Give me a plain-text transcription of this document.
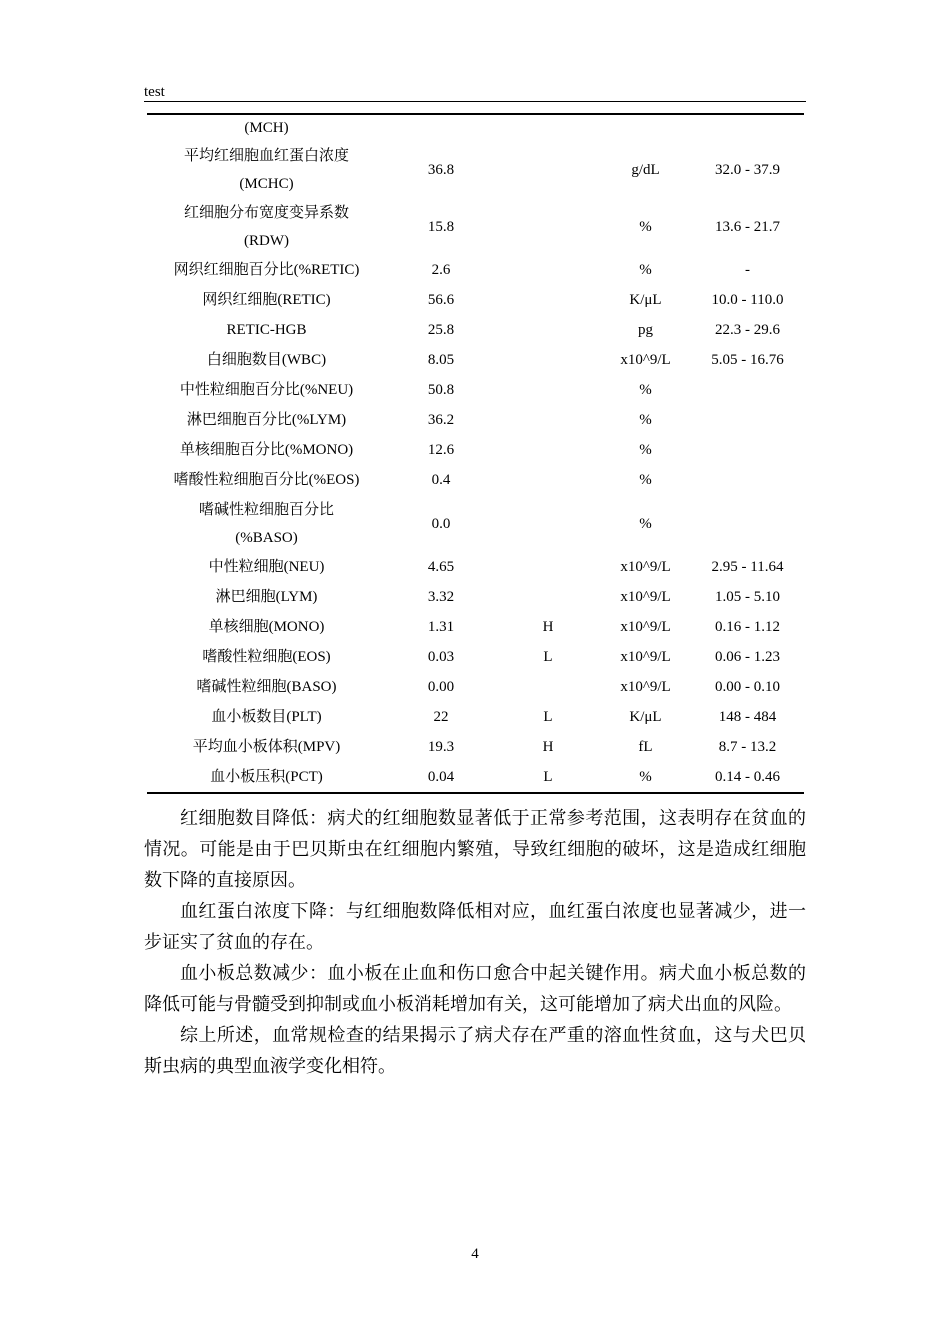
test
(MCH)				
平均红细胞血红蛋白浓度
(MCHC)	36.8		g/dL	32.0 - 37.9
红细胞分布宽度变异系数
(RDW)	15.8		%	13.6 - 21.7
网织红细胞百分比(%RETIC)	2.6		%	-
网织红细胞(RETIC)	56.6		K/μL	10.0 - 110.0
RETIC-HGB	25.8		pg	22.3 - 29.6
白细胞数目(WBC)	8.05		x10^9/L	5.05 - 16.76
中性粒细胞百分比(%NEU)	50.8		%	
淋巴细胞百分比(%LYM)	36.2		%	
单核细胞百分比(%MONO)	12.6		%	
嗜酸性粒细胞百分比(%EOS)	0.4		%	
嗜碱性粒细胞百分比
(%BASO)	0.0		%	
中性粒细胞(NEU)	4.65		x10^9/L	2.95 - 11.64
淋巴细胞(LYM)	3.32		x10^9/L	1.05 - 5.10
单核细胞(MONO)	1.31	H	x10^9/L	0.16 - 1.12
嗜酸性粒细胞(EOS)	0.03	L	x10^9/L	0.06 - 1.23
嗜碱性粒细胞(BASO)	0.00		x10^9/L	0.00 - 0.10
血小板数目(PLT)	22	L	K/μL	148 - 484
平均血小板体积(MPV)	19.3	H	fL	8.7 - 13.2
血小板压积(PCT)	0.04	L	%	0.14 - 0.46

红细胞数目降低：病犬的红细胞数显著低于正常参考范围，这表明存在贫血的情况。可能是由于巴贝斯虫在红细胞内繁殖，导致红细胞的破坏，这是造成红细胞数下降的直接原因。

血红蛋白浓度下降：与红细胞数降低相对应，血红蛋白浓度也显著减少，进一步证实了贫血的存在。

血小板总数减少：血小板在止血和伤口愈合中起关键作用。病犬血小板总数的降低可能与骨髓受到抑制或血小板消耗增加有关，这可能增加了病犬出血的风险。

综上所述，血常规检查的结果揭示了病犬存在严重的溶血性贫血，这与犬巴贝斯虫病的典型血液学变化相符。

4
